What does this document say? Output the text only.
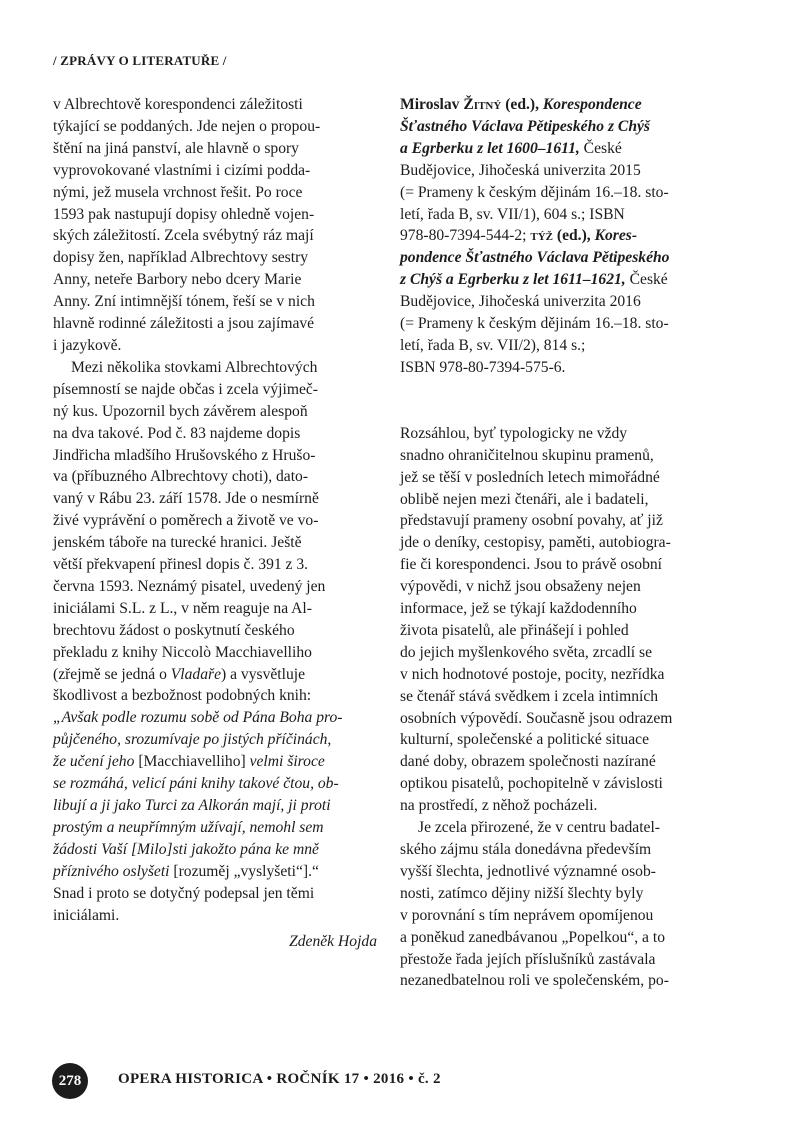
/ ZPRÁVY O LITERATUŘE /
v Albrechtově korespondenci záležitosti
týkající se poddaných. Jde nejen o propou-
štění na jiná panství, ale hlavně o spory
vyprovokované vlastními i cizími podda-
nými, jež musela vrchnost řešit. Po roce
1593 pak nastupují dopisy ohledně vojen-
ských záležitostí. Zcela svébytný ráz mají
dopisy žen, například Albrechtovy sestry
Anny, neteře Barbory nebo dcery Marie
Anny. Zní intimnější tónem, řeší se v nich
hlavně rodinné záležitosti a jsou zajímavé
i jazykově.
Mezi několika stovkami Albrechtových
písemností se najde občas i zcela výjimeč-
ný kus. Upozornil bych závěrem alespoň
na dva takové. Pod č. 83 najdeme dopis
Jindřicha mladšího Hrušovského z Hrušo-
va (příbuzného Albrechtovy choti), dato-
vaný v Rábu 23. září 1578. Jde o nesmírně
živé vyprávění o poměrech a životě ve vo-
jenském táboře na turecké hranici. Ještě
větší překvapení přinesl dopis č. 391 z 3.
června 1593. Neznámý pisatel, uvedený jen
iniciálami S.L. z L., v něm reaguje na Al-
brechtovu žádost o poskytnutí českého
překladu z knihy Niccolò Macchiavelliho
(zřejmě se jedná o Vladaře) a vysvětluje
škodlivost a bezbožnost podobných knih:
„Avšak podle rozumu sobě od Pána Boha pro-
půjčeného, srozumívaje po jistých příčinách,
že učení jeho [Macchiavelliho] velmi široce
se rozmáhá, velicí páni knihy takové čtou, ob-
libují a ji jako Turci za Alkorán mají, ji proti
prostým a neupřímným užívají, nemohl sem
žádosti Vaší [Milo]sti jakožto pána ke mně
příznivého oslyšeti [rozuměj „vyslyšeti“].“
Snad i proto se dotyčný podepsal jen těmi
iniciálami.
Zdeněk Hojda
Miroslav Žitný (ed.), Korespondence
Šťastného Václava Pětipeského z Chýš
a Egrberku z let 1600–1611, České
Budějovice, Jihočeská univerzita 2015
(= Prameny k českým dějinám 16.–18. sto-
letí, řada B, sv. VII/1), 604 s.; ISBN
978-80-7394-544-2; týž (ed.), Kores-
pondence Šťastného Václava Pětipeského
z Chýš a Egrberku z let 1611–1621, České
Budějovice, Jihočeská univerzita 2016
(= Prameny k českým dějinám 16.–18. sto-
letí, řada B, sv. VII/2), 814 s.;
ISBN 978-80-7394-575-6.
Rozsáhlou, byť typologicky ne vždy
snadno ohraničitelnou skupinu pramenů,
jež se těší v posledních letech mimořádné
oblibě nejen mezi čtenáři, ale i badateli,
představují prameny osobní povahy, ať již
jde o deníky, cestopisy, paměti, autobiogra-
fie či korespondenci. Jsou to právě osobní
výpovědi, v nichž jsou obsaženy nejen
informace, jež se týkají každodenního
života pisatelů, ale přinášejí i pohled
do jejich myšlenkového světa, zrcadlí se
v nich hodnotové postoje, pocity, nezřídka
se čtenář stává svědkem i zcela intimních
osobních výpovědí. Současně jsou odrazem
kulturní, společenské a politické situace
dané doby, obrazem společnosti nazírané
optikou pisatelů, pochopitelně v závislosti
na prostředí, z něhož pocházeli.
Je zcela přirozené, že v centru badatel-
ského zájmu stála donedávna především
vyšší šlechta, jednotlivé významné osob-
nosti, zatímco dějiny nižší šlechty byly
v porovnání s tím neprávem opomíjenou
a poněkud zanedbávanou „Popelkou“, a to
přestože řada jejích příslušníků zastávala
nezanedbatelnou roli ve společenském, po-
278 OPERA HISTORICA • ROČNÍK 17 • 2016 • č. 2
